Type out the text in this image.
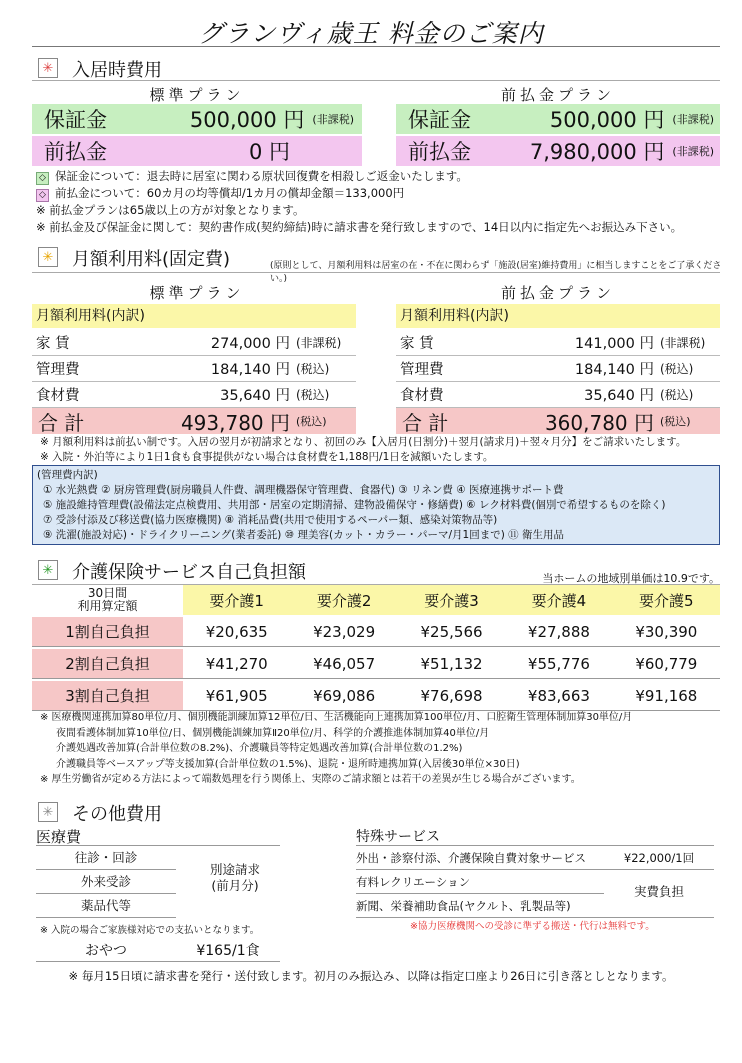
グランヴィ歳王 料金のご案内
✳ 入居時費用
標準プラン	前払金プラン
保証金	500,000 円 (非課税)
前払金	0 円
保証金	500,000 円 (非課税)
前払金	7,980,000 円 (非課税)
◇ 保証金について：退去時に居室に関わる原状回復費を相殺しご返金いたします。
◇ 前払金について：60カ月の均等償却/1カ月の償却金額＝133,000円
※ 前払金プランは65歳以上の方が対象となります。
※ 前払金及び保証金に関して：契約書作成(契約締結)時に請求書を発行致しますので、14日以内に指定先へお振込み下さい。
✳ 月額利用料(固定費)	(原則として、月額利用料は居室の在・不在に関わらず「施設(居室)維持費用」に相当しますことをご了承ください。)
標準プラン	前払金プラン
月額利用料(内訳)
家 賃	274,000 円 (非課税)
管理費	184,140 円 (税込)
食材費	35,640 円 (税込)
合 計	493,780 円 (税込)
月額利用料(内訳)
家 賃	141,000 円 (非課税)
管理費	184,140 円 (税込)
食材費	35,640 円 (税込)
合 計	360,780 円 (税込)
※ 月額利用料は前払い制です。入居の翌月が初請求となり、初回のみ【入居月(日割分)＋翌月(請求月)＋翌々月分】をご請求いたします。
※ 入院・外泊等により1日1食も食事提供がない場合は食材費を1,188円/1日を減額いたします。
(管理費内訳)
① 水光熱費 ② 厨房管理費(厨房職員人件費、調理機器保守管理費、食器代) ③ リネン費 ④ 医療連携サポート費
⑤ 施設維持管理費(設備法定点検費用、共用部・居室の定期清掃、建物設備保守・修繕費) ⑥ レク材料費(個別で希望するものを除く)
⑦ 受診付添及び移送費(協力医療機関) ⑧ 消耗品費(共用で使用するペーパー類、感染対策物品等)
⑨ 洗濯(施設対応)・ドライクリーニング(業者委託) ⑩ 理美容(カット・カラー・パーマ/月1回まで) ⑪ 衛生用品
✳ 介護保険サービス自己負担額	当ホームの地域別単価は10.9です。
30日間
利用算定額	要介護1	要介護2	要介護3	要介護4	要介護5
1割自己負担	¥20,635	¥23,029	¥25,566	¥27,888	¥30,390
2割自己負担	¥41,270	¥46,057	¥51,132	¥55,776	¥60,779
3割自己負担	¥61,905	¥69,086	¥76,698	¥83,663	¥91,168
※ 医療機関連携加算80単位/月、個別機能訓練加算12単位/日、生活機能向上連携加算100単位/月、口腔衛生管理体制加算30単位/月
夜間看護体制加算10単位/日、個別機能訓練加算Ⅱ20単位/月、科学的介護推進体制加算40単位/月
介護処遇改善加算(合計単位数の8.2%)、介護職員等特定処遇改善加算(合計単位数の1.2%)
介護職員等ベースアップ等支援加算(合計単位数の1.5%)、退院・退所時連携加算(入居後30単位×30日)
※ 厚生労働省が定める方法によって端数処理を行う関係上、実際のご請求額とは若干の差異が生じる場合がございます。
✳ その他費用
医療費
往診・回診
外来受診
薬品代等
別途請求
(前月分)
※ 入院の場合ご家族様対応での支払いとなります。
おやつ	¥165/1食
特殊サービス
外出・診察付添、介護保険自費対象サービス	¥22,000/1回
有料レクリエーション
新聞、栄養補助食品(ヤクルト、乳製品等)
実費負担
※協力医療機関への受診に準ずる搬送・代行は無料です。
※ 毎月15日頃に請求書を発行・送付致します。初月のみ振込み、以降は指定口座より26日に引き落としとなります。
